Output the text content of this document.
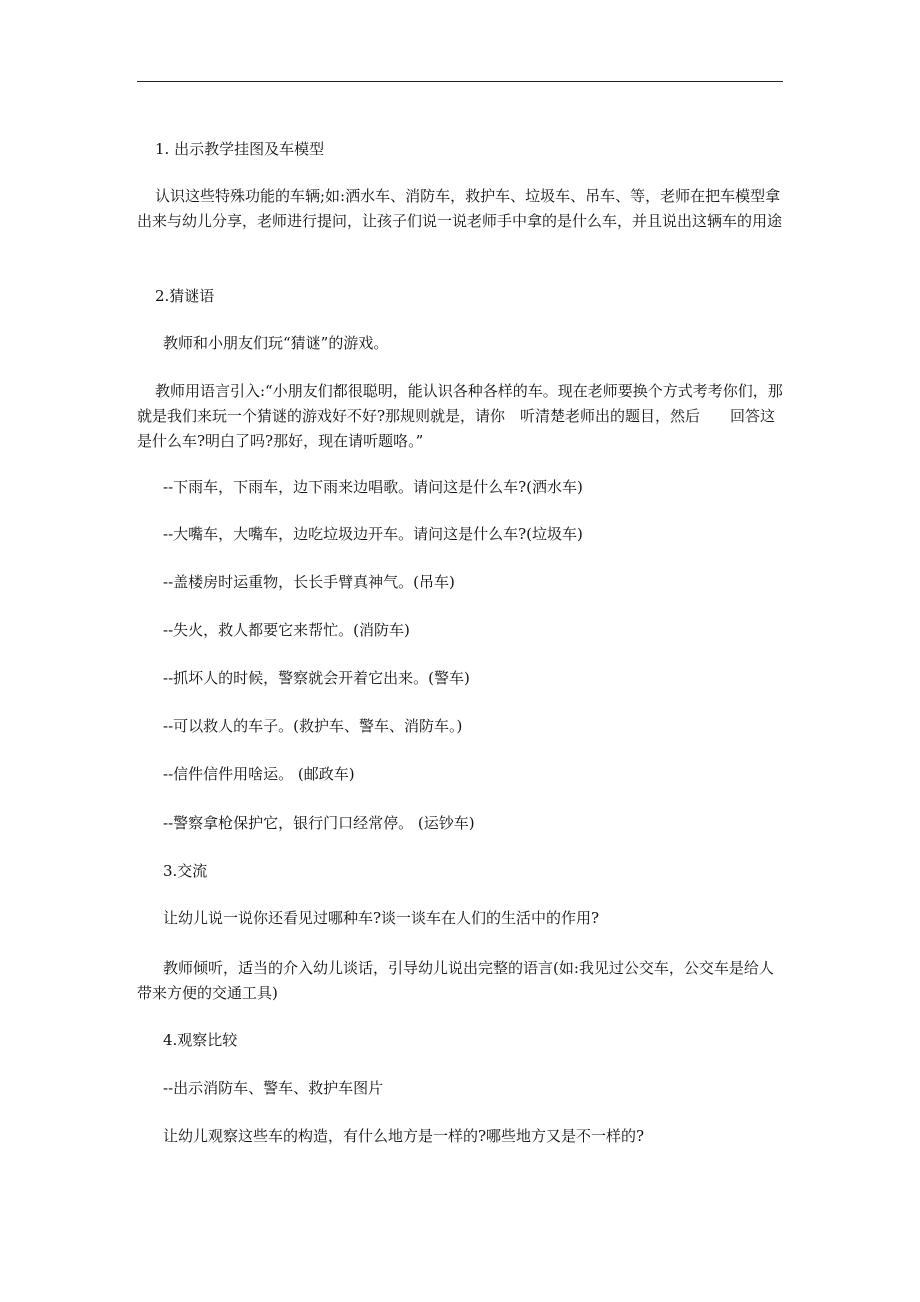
1. 出示教学挂图及车模型

认识这些特殊功能的车辆;如:洒水车、消防车，救护车、垃圾车、吊车、等，老师在把车模型拿出来与幼儿分享，老师进行提问，让孩子们说一说老师手中拿的是什么车，并且说出这辆车的用途

2.猜谜语

教师和小朋友们玩“猜谜”的游戏。

教师用语言引入:“小朋友们都很聪明，能认识各种各样的车。现在老师要换个方式考考你们，那就是我们来玩一个猜谜的游戏好不好?那规则就是，请你　听清楚老师出的题目，然后　　回答这是什么车?明白了吗?那好，现在请听题咯。”

--下雨车，下雨车，边下雨来边唱歌。请问这是什么车?(洒水车)

--大嘴车，大嘴车，边吃垃圾边开车。请问这是什么车?(垃圾车)

--盖楼房时运重物，长长手臂真神气。(吊车)

--失火，救人都要它来帮忙。(消防车)

--抓坏人的时候，警察就会开着它出来。(警车)

--可以救人的车子。(救护车、警车、消防车。)

--信件信件用啥运。 (邮政车)

--警察拿枪保护它，银行门口经常停。 (运钞车)

3.交流

让幼儿说一说你还看见过哪种车?谈一谈车在人们的生活中的作用?

教师倾听，适当的介入幼儿谈话，引导幼儿说出完整的语言(如:我见过公交车，公交车是给人带来方便的交通工具)

4.观察比较

--出示消防车、警车、救护车图片

让幼儿观察这些车的构造，有什么地方是一样的?哪些地方又是不一样的?
